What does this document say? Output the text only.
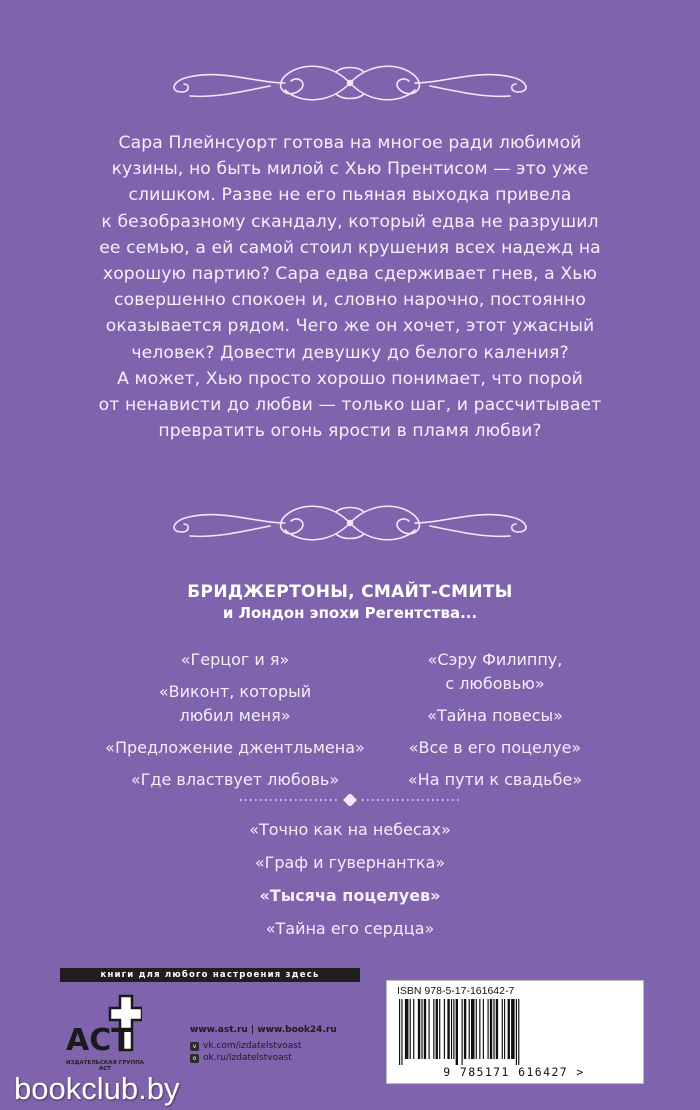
Сара Плейнсуорт готова на многое ради любимой
кузины, но быть милой с Хью Прентисом — это уже
слишком. Разве не его пьяная выходка привела
к безобразному скандалу, который едва не разрушил
ее семью, а ей самой стоил крушения всех надежд на
хорошую партию? Сара едва сдерживает гнев, а Хью
совершенно спокоен и, словно нарочно, постоянно
оказывается рядом. Чего же он хочет, этот ужасный
человек? Довести девушку до белого каления?
А может, Хью просто хорошо понимает, что порой
от ненависти до любви — только шаг, и рассчитывает
превратить огонь ярости в пламя любви?
БРИДЖЕРТОНЫ, СМАЙТ-СМИТЫ
и Лондон эпохи Регентства...
«Герцог и я»
«Виконт, который любил меня»
«Предложение джентльмена»
«Где властвует любовь»
«Сэру Филиппу, с любовью»
«Тайна повесы»
«Все в его поцелуе»
«На пути к свадьбе»
«Точно как на небесах»
«Граф и гувернантка»
«Тысяча поцелуев»
«Тайна его сердца»
книги для любого настроения здесь
ACT
ИЗДАТЕЛЬСКАЯ ГРУППА АСТ
www.ast.ru | www.book24.ru
v vk.com/izdatelstvoast
o ok.ru/izdatelstvoast
ISBN 978-5-17-161642-7
9 785171 616427 >
bookclub.by
